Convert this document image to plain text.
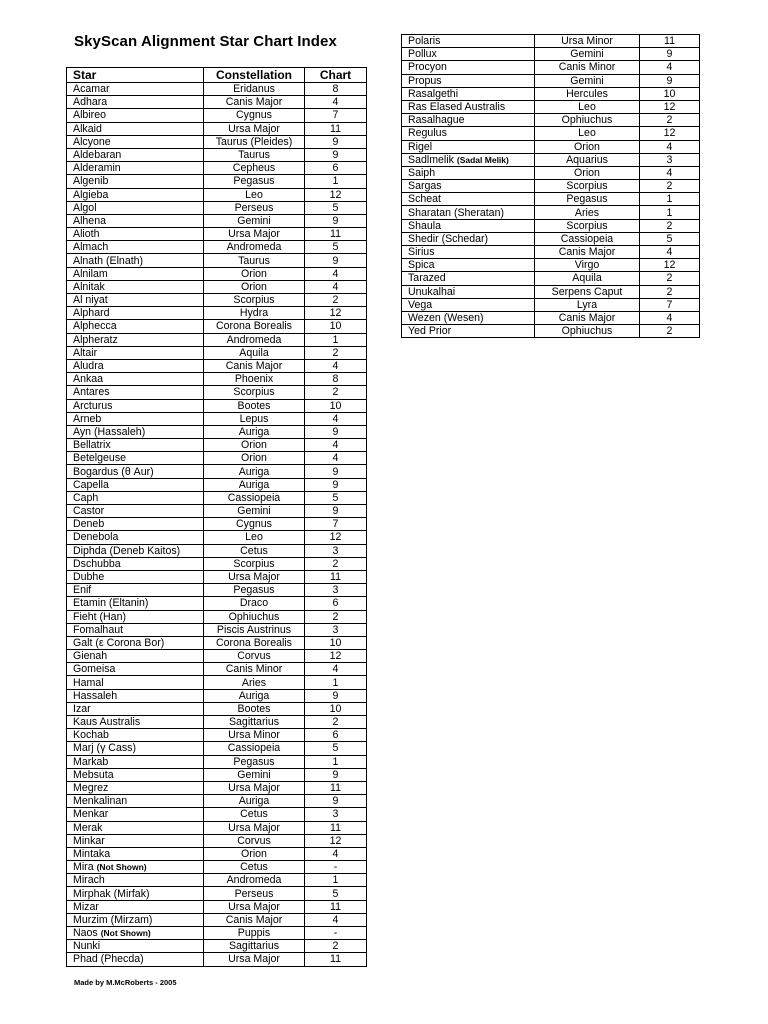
SkyScan Alignment Star Chart Index
Star	Constellation	Chart
Acamar	Eridanus	8
Adhara	Canis Major	4
Albireo	Cygnus	7
Alkaid	Ursa Major	11
Alcyone	Taurus (Pleides)	9
Aldebaran	Taurus	9
Alderamin	Cepheus	6
Algenib	Pegasus	1
Algieba	Leo	12
Algol	Perseus	5
Alhena	Gemini	9
Alioth	Ursa Major	11
Almach	Andromeda	5
Alnath (Elnath)	Taurus	9
Alnilam	Orion	4
Alnitak	Orion	4
Al niyat	Scorpius	2
Alphard	Hydra	12
Alphecca	Corona Borealis	10
Alpheratz	Andromeda	1
Altair	Aquila	2
Aludra	Canis Major	4
Ankaa	Phoenix	8
Antares	Scorpius	2
Arcturus	Bootes	10
Arneb	Lepus	4
Ayn (Hassaleh)	Auriga	9
Bellatrix	Orion	4
Betelgeuse	Orion	4
Bogardus (θ Aur)	Auriga	9
Capella	Auriga	9
Caph	Cassiopeia	5
Castor	Gemini	9
Deneb	Cygnus	7
Denebola	Leo	12
Diphda (Deneb Kaitos)	Cetus	3
Dschubba	Scorpius	2
Dubhe	Ursa Major	11
Enif	Pegasus	3
Etamin (Eltanin)	Draco	6
Fieht (Han)	Ophiuchus	2
Fomalhaut	Piscis Austrinus	3
Galt (ε Corona Bor)	Corona Borealis	10
Gienah	Corvus	12
Gomeisa	Canis Minor	4
Hamal	Aries	1
Hassaleh	Auriga	9
Izar	Bootes	10
Kaus Australis	Sagittarius	2
Kochab	Ursa Minor	6
Marj (γ Cass)	Cassiopeia	5
Markab	Pegasus	1
Mebsuta	Gemini	9
Megrez	Ursa Major	11
Menkalinan	Auriga	9
Menkar	Cetus	3
Merak	Ursa Major	11
Minkar	Corvus	12
Mintaka	Orion	4
Mira (Not Shown)	Cetus	-
Mirach	Andromeda	1
Mirphak (Mirfak)	Perseus	5
Mizar	Ursa Major	11
Murzim (Mirzam)	Canis Major	4
Naos (Not Shown)	Puppis	-
Nunki	Sagittarius	2
Phad (Phecda)	Ursa Major	11
Polaris	Ursa Minor	11
Pollux	Gemini	9
Procyon	Canis Minor	4
Propus	Gemini	9
Rasalgethi	Hercules	10
Ras Elased Australis	Leo	12
Rasalhague	Ophiuchus	2
Regulus	Leo	12
Rigel	Orion	4
Sadlmelik (Sadal Melik)	Aquarius	3
Saiph	Orion	4
Sargas	Scorpius	2
Scheat	Pegasus	1
Sharatan (Sheratan)	Aries	1
Shaula	Scorpius	2
Shedir (Schedar)	Cassiopeia	5
Sirius	Canis Major	4
Spica	Virgo	12
Tarazed	Aquila	2
Unukalhai	Serpens Caput	2
Vega	Lyra	7
Wezen (Wesen)	Canis Major	4
Yed Prior	Ophiuchus	2

Made by M.McRoberts - 2005
